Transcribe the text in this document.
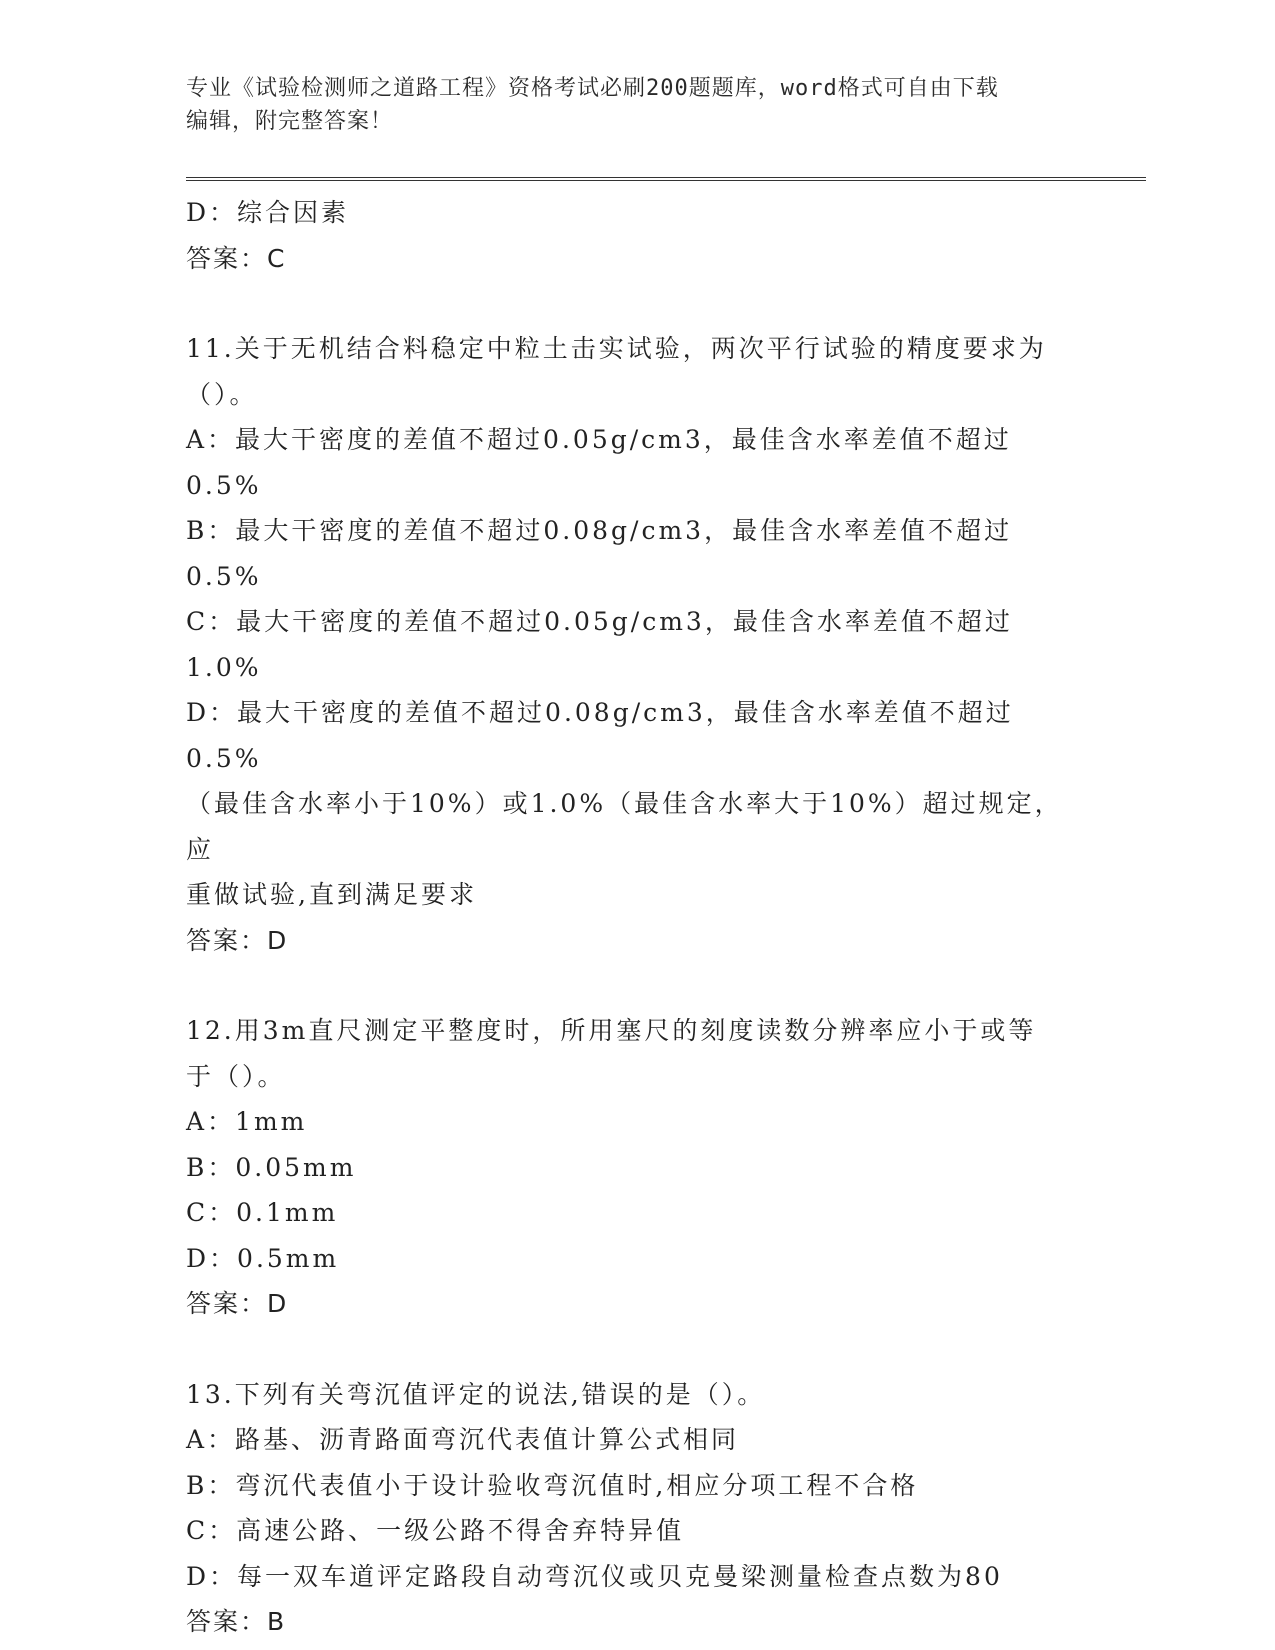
专业《试验检测师之道路工程》资格考试必刷200题题库，word格式可自由下载
编辑，附完整答案！
D：综合因素
答案：C
11.关于无机结合料稳定中粒土击实试验，两次平行试验的精度要求为
（）。
A：最大干密度的差值不超过0.05g/cm3，最佳含水率差值不超过0.5%
B：最大干密度的差值不超过0.08g/cm3，最佳含水率差值不超过0.5%
C：最大干密度的差值不超过0.05g/cm3，最佳含水率差值不超过1.0%
D：最大干密度的差值不超过0.08g/cm3，最佳含水率差值不超过0.5%
（最佳含水率小于10%）或1.0%（最佳含水率大于10%）超过规定，应
重做试验,直到满足要求
答案：D
12.用3m直尺测定平整度时，所用塞尺的刻度读数分辨率应小于或等
于（）。
A：1mm
B：0.05mm
C：0.1mm
D：0.5mm
答案：D
13.下列有关弯沉值评定的说法,错误的是（）。
A：路基、沥青路面弯沉代表值计算公式相同
B：弯沉代表值小于设计验收弯沉值时,相应分项工程不合格
C：高速公路、一级公路不得舍弃特异值
D：每一双车道评定路段自动弯沉仪或贝克曼梁测量检查点数为80
答案：B
